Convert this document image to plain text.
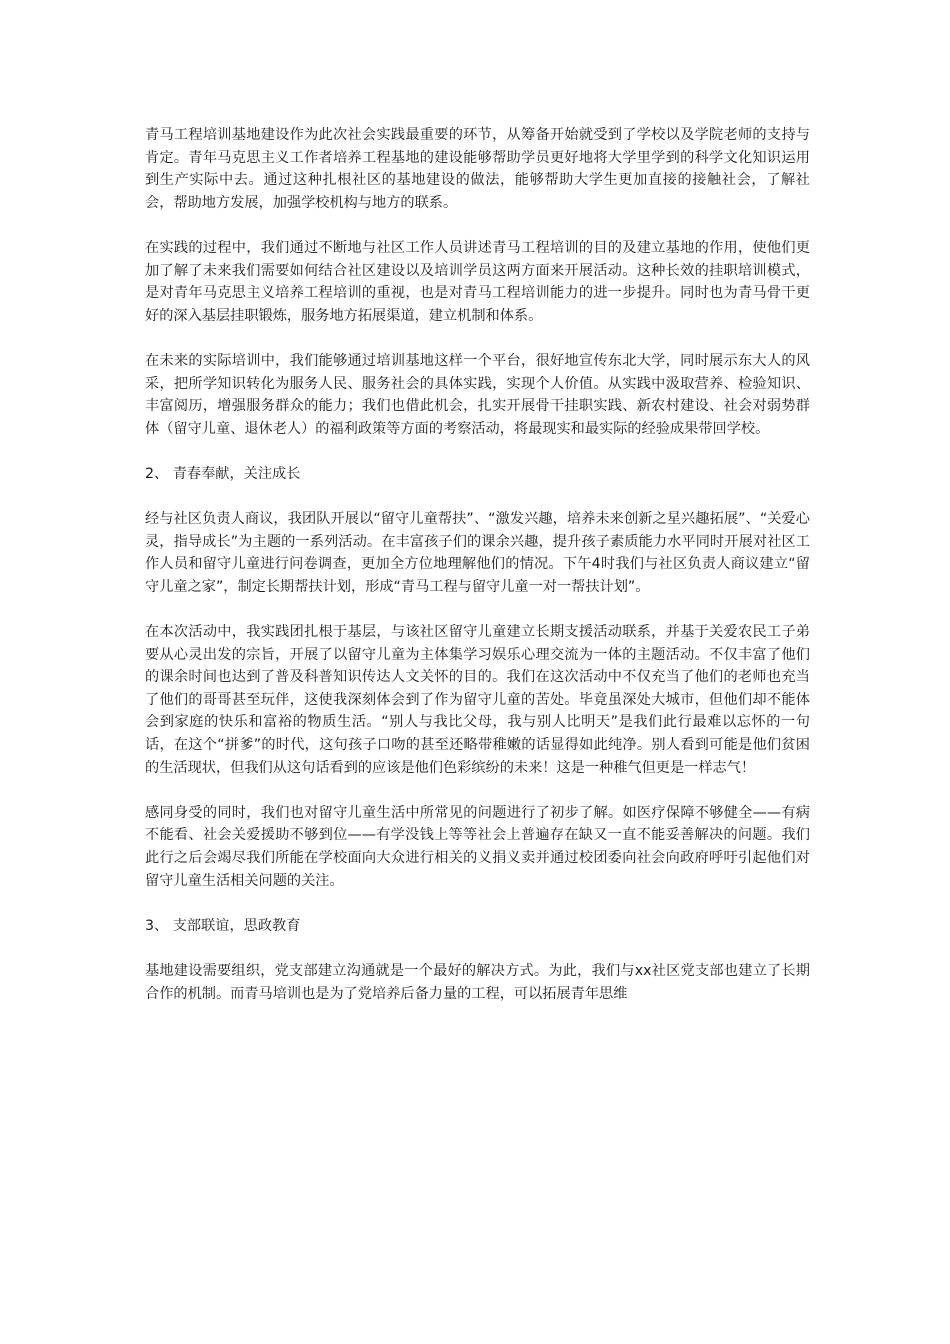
青马工程培训基地建设作为此次社会实践最重要的环节，从筹备开始就受到了学校以及学院老师的支持与肯定。青年马克思主义工作者培养工程基地的建设能够帮助学员更好地将大学里学到的科学文化知识运用到生产实际中去。通过这种扎根社区的基地建设的做法，能够帮助大学生更加直接的接触社会，了解社会，帮助地方发展，加强学校机构与地方的联系。

在实践的过程中，我们通过不断地与社区工作人员讲述青马工程培训的目的及建立基地的作用，使他们更加了解了未来我们需要如何结合社区建设以及培训学员这两方面来开展活动。这种长效的挂职培训模式，是对青年马克思主义培养工程培训的重视，也是对青马工程培训能力的进一步提升。同时也为青马骨干更好的深入基层挂职锻炼，服务地方拓展渠道，建立机制和体系。

在未来的实际培训中，我们能够通过培训基地这样一个平台，很好地宣传东北大学，同时展示东大人的风采，把所学知识转化为服务人民、服务社会的具体实践，实现个人价值。从实践中汲取营养、检验知识、丰富阅历，增强服务群众的能力；我们也借此机会，扎实开展骨干挂职实践、新农村建设、社会对弱势群体（留守儿童、退休老人）的福利政策等方面的考察活动，将最现实和最实际的经验成果带回学校。

2、 青春奉献，关注成长

经与社区负责人商议，我团队开展以“留守儿童帮扶”、“激发兴趣，培养未来创新之星兴趣拓展”、“关爱心灵，指导成长”为主题的一系列活动。在丰富孩子们的课余兴趣，提升孩子素质能力水平同时开展对社区工作人员和留守儿童进行问卷调查，更加全方位地理解他们的情况。下午4时我们与社区负责人商议建立“留守儿童之家”，制定长期帮扶计划，形成“青马工程与留守儿童一对一帮扶计划”。

在本次活动中，我实践团扎根于基层，与该社区留守儿童建立长期支援活动联系，并基于关爱农民工子弟要从心灵出发的宗旨，开展了以留守儿童为主体集学习娱乐心理交流为一体的主题活动。不仅丰富了他们的课余时间也达到了普及科普知识传达人文关怀的目的。我们在这次活动中不仅充当了他们的老师也充当了他们的哥哥甚至玩伴，这使我深刻体会到了作为留守儿童的苦处。毕竟虽深处大城市，但他们却不能体会到家庭的快乐和富裕的物质生活。“别人与我比父母，我与别人比明天”是我们此行最难以忘怀的一句话，在这个“拼爹”的时代，这句孩子口吻的甚至还略带稚嫩的话显得如此纯净。别人看到可能是他们贫困的生活现状，但我们从这句话看到的应该是他们色彩缤纷的未来！这是一种稚气但更是一样志气！

感同身受的同时，我们也对留守儿童生活中所常见的问题进行了初步了解。如医疗保障不够健全——有病不能看、社会关爱援助不够到位——有学没钱上等等社会上普遍存在缺又一直不能妥善解决的问题。我们此行之后会竭尽我们所能在学校面向大众进行相关的义捐义卖并通过校团委向社会向政府呼吁引起他们对留守儿童生活相关问题的关注。

3、 支部联谊，思政教育

基地建设需要组织，党支部建立沟通就是一个最好的解决方式。为此，我们与xx社区党支部也建立了长期合作的机制。而青马培训也是为了党培养后备力量的工程，可以拓展青年思维
